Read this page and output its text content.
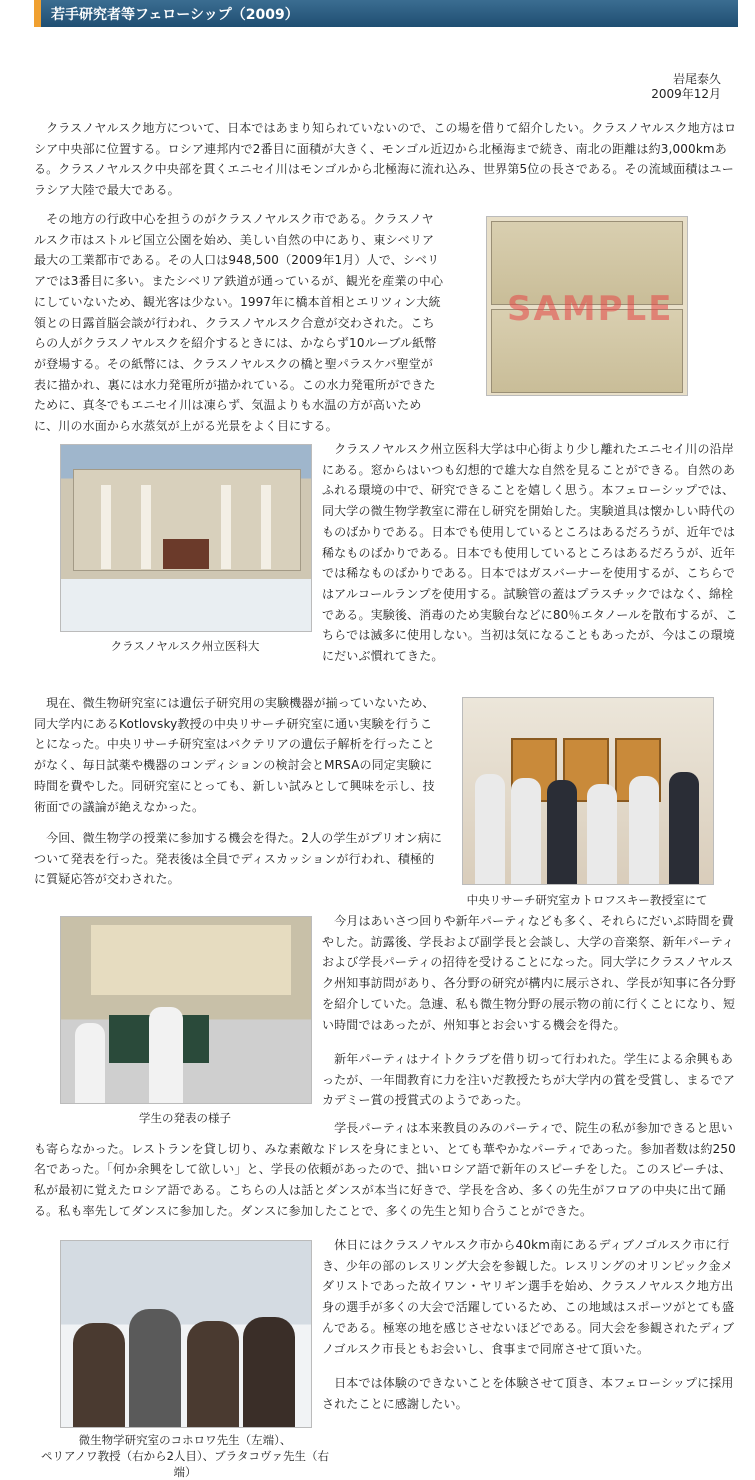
若手研究者等フェローシップ（2009）
岩尾泰久
2009年12月

　クラスノヤルスク地方について、日本ではあまり知られていないので、この場を借りて紹介したい。クラスノヤルスク地方はロシア中央部に位置する。ロシア連邦内で2番目に面積が大きく、モンゴル近辺から北極海まで続き、南北の距離は約3,000kmある。クラスノヤルスク中央部を貫くエニセイ川はモンゴルから北極海に流れ込み、世界第5位の長さである。その流域面積はユーラシア大陸で最大である。

　その地方の行政中心を担うのがクラスノヤルスク市である。クラスノヤルスク市はストルビ国立公園を始め、美しい自然の中にあり、東シベリア最大の工業都市である。その人口は948,500（2009年1月）人で、シベリアでは3番目に多い。またシベリア鉄道が通っているが、観光を産業の中心にしていないため、観光客は少ない。1997年に橋本首相とエリツィン大統領との日露首脳会談が行われ、クラスノヤルスク合意が交わされた。こちらの人がクラスノヤルスクを紹介するときには、かならず10ルーブル紙幣が登場する。その紙幣には、クラスノヤルスクの橋と聖パラスケバ聖堂が表に描かれ、裏には水力発電所が描かれている。この水力発電所ができたために、真冬でもエニセイ川は凍らず、気温よりも水温の方が高いために、川の水面から水蒸気が上がる光景をよく目にする。

SAMPLE
クラスノヤルスク州立医科大

　クラスノヤルスク州立医科大学は中心街より少し離れたエニセイ川の沿岸にある。窓からはいつも幻想的で雄大な自然を見ることができる。自然のあふれる環境の中で、研究できることを嬉しく思う。本フェローシップでは、同大学の微生物学教室に滞在し研究を開始した。実験道具は懐かしい時代のものばかりである。日本でも使用しているところはあるだろうが、近年では稀なものばかりである。日本でも使用しているところはあるだろうが、近年では稀なものばかりである。日本ではガスバーナーを使用するが、こちらではアルコールランプを使用する。試験管の蓋はプラスチックではなく、綿栓である。実験後、消毒のため実験台などに80％エタノールを散布するが、こちらでは滅多に使用しない。当初は気になることもあったが、今はこの環境にだいぶ慣れてきた。

　現在、微生物研究室には遺伝子研究用の実験機器が揃っていないため、同大学内にあるKotlovsky教授の中央リサーチ研究室に通い実験を行うことになった。中央リサーチ研究室はバクテリアの遺伝子解析を行ったことがなく、毎日試薬や機器のコンディションの検討会とMRSAの同定実験に時間を費やした。同研究室にとっても、新しい試みとして興味を示し、技術面での議論が絶えなかった。

　今回、微生物学の授業に参加する機会を得た。2人の学生がプリオン病について発表を行った。発表後は全員でディスカッションが行われ、積極的に質疑応答が交わされた。

中央リサーチ研究室カトロフスキー教授室にて
学生の発表の様子

　今月はあいさつ回りや新年パーティなども多く、それらにだいぶ時間を費やした。訪露後、学長および副学長と会談し、大学の音楽祭、新年パーティおよび学長パーティの招待を受けることになった。同大学にクラスノヤルスク州知事訪問があり、各分野の研究が構内に展示され、学長が知事に各分野を紹介していた。急遽、私も微生物分野の展示物の前に行くことになり、短い時間ではあったが、州知事とお会いする機会を得た。

　新年パーティはナイトクラブを借り切って行われた。学生による余興もあったが、一年間教育に力を注いだ教授たちが大学内の賞を受賞し、まるでアカデミー賞の授賞式のようであった。

　学長パーティは本来教員のみのパーティで、院生の私が参加できると思いも寄らなかった。レストランを貸し切り、みな素敵なドレスを身にまとい、とても華やかなパーティであった。参加者数は約250名であった。「何か余興をして欲しい」と、学長の依頼があったので、拙いロシア語で新年のスピーチをした。このスピーチは、私が最初に覚えたロシア語である。こちらの人は話とダンスが本当に好きで、学長を含め、多くの先生がフロアの中央に出て踊る。私も率先してダンスに参加した。ダンスに参加したことで、多くの先生と知り合うことができた。

微生物学研究室のコホロワ先生（左端）、
ペリアノワ教授（右から2人目）、ブラタコヴァ先生（右端）

　休日にはクラスノヤルスク市から40km南にあるディブノゴルスク市に行き、少年の部のレスリング大会を参観した。レスリングのオリンピック金メダリストであった故イワン・ヤリギン選手を始め、クラスノヤルスク地方出身の選手が多くの大会で活躍しているため、この地域はスポーツがとても盛んである。極寒の地を感じさせないほどである。同大会を参観されたディブノゴルスク市長ともお会いし、食事まで同席させて頂いた。

　日本では体験のできないことを体験させて頂き、本フェローシップに採用されたことに感謝したい。
